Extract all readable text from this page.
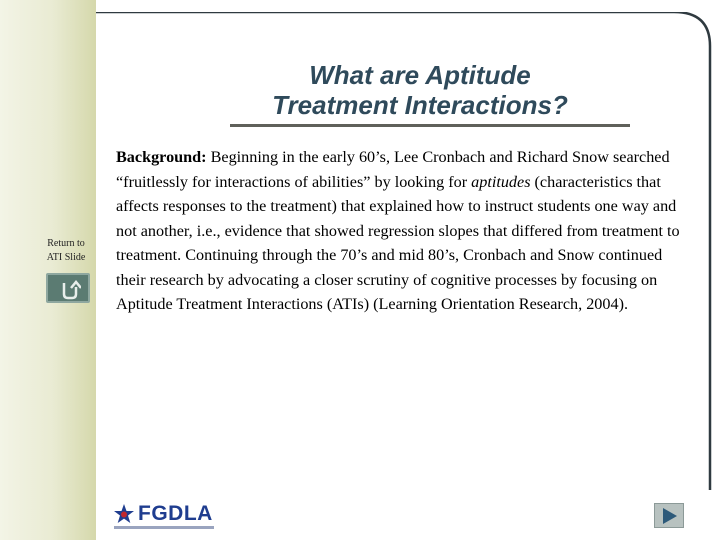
What are Aptitude
Treatment Interactions?

Background: Beginning in the early 60’s, Lee Cronbach and Richard Snow searched “fruitlessly for interactions of abilities” by looking for aptitudes (characteristics that affects responses to the treatment) that explained how to instruct students one way and not another, i.e., evidence that showed regression slopes that differed from treatment to treatment. Continuing through the 70’s and mid 80’s, Cronbach and Snow continued their research by advocating a closer scrutiny of cognitive processes by focusing on Aptitude Treatment Interactions (ATIs) (Learning Orientation Research, 2004).

Return to
ATI Slide
FGDLA
